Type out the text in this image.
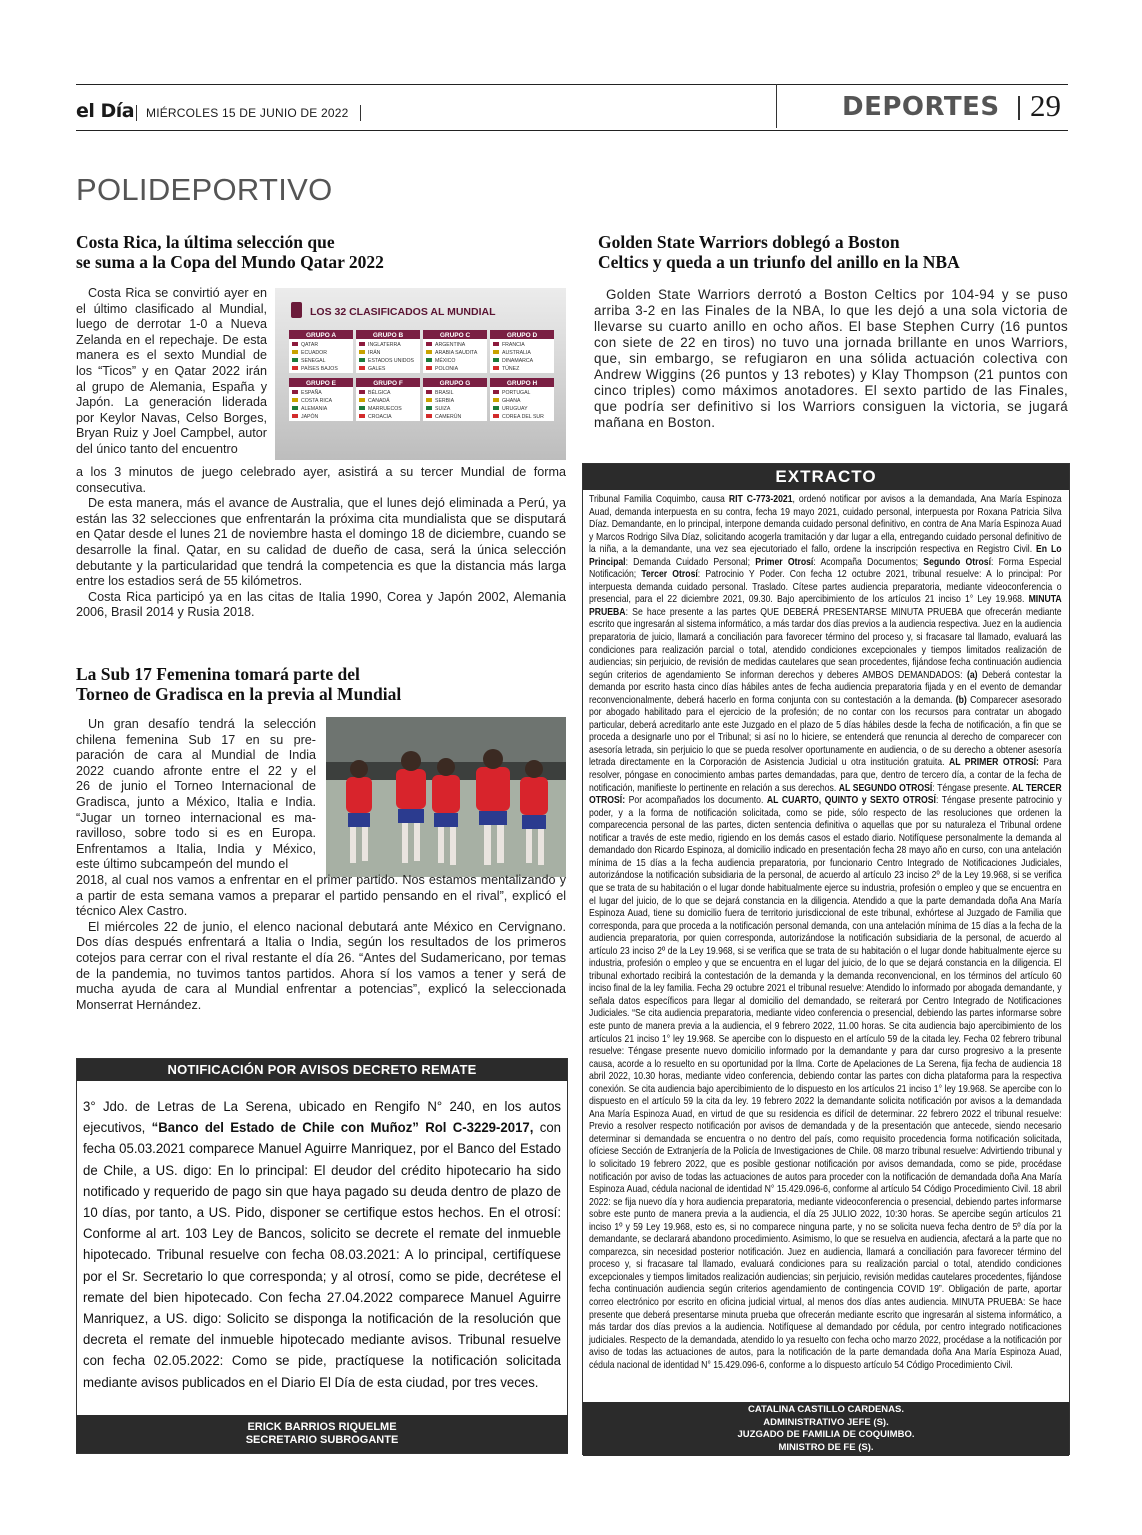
el Día MIÉRCOLES 15 DE JUNIO DE 2022	DEPORTES 29
POLIDEPORTIVO
Costa Rica, la última selección que
se suma a la Copa del Mundo Qatar 2022
Costa Rica se convirtió ayer en
el último clasificado al Mundial,
luego de derrotar 1-0 a Nueva
Zelanda en el repechaje. De esta
manera es el sexto Mundial de
los “Ticos” y en Qatar 2022 irán
al grupo de Alemania, España y
Japón. La generación liderada
por Keylor Navas, Celso Borges,
Bryan Ruiz y Joel Campbel, autor
del único tanto del encuentro
LOS 32 CLASIFICADOS AL MUNDIAL
GRUPO A
QATAR
ECUADOR
SENEGAL
PAÍSES BAJOS
GRUPO B
INGLATERRA
IRÁN
ESTADOS UNIDOS
GALES
GRUPO C
ARGENTINA
ARABIA SAUDITA
MÉXICO
POLONIA
GRUPO D
FRANCIA
AUSTRALIA
DINAMARCA
TÚNEZ
GRUPO E
ESPAÑA
COSTA RICA
ALEMANIA
JAPÓN
GRUPO F
BÉLGICA
CANADÁ
MARRUECOS
CROACIA
GRUPO G
BRASIL
SERBIA
SUIZA
CAMERÚN
GRUPO H
PORTUGAL
GHANA
URUGUAY
COREA DEL SUR

a los 3 minutos de juego celebrado ayer, asistirá a su tercer Mundial de forma consecutiva.

De esta manera, más el avance de Australia, que el lunes dejó eliminada a Perú, ya están las 32 selecciones que enfrentarán la próxima cita mundialista que se disputará en Qatar desde el lunes 21 de noviembre hasta el domingo 18 de diciembre, cuando se desarrolle la final. Qatar, en su calidad de dueño de casa, será la única selección debutante y la particularidad que tendrá la competencia es que la distancia más larga entre los estadios será de 55 kilómetros.

Costa Rica participó ya en las citas de Italia 1990, Corea y Japón 2002, Alemania 2006, Brasil 2014 y Rusia 2018.

La Sub 17 Femenina tomará parte del
Torneo de Gradisca en la previa al Mundial
Un gran desafío tendrá la selección
chilena femenina Sub 17 en su pre-
paración de cara al Mundial de India
2022 cuando afronte entre el 22 y el
26 de junio el Torneo Internacional de
Gradisca, junto a México, Italia e India.
“Jugar un torneo internacional es ma-
ravilloso, sobre todo si es en Europa.
Enfrentamos a Italia, India y México,
este último subcampeón del mundo el

2018, al cual nos vamos a enfrentar en el primer partido. Nos estamos mentalizando y a partir de esta semana vamos a preparar el partido pensando en el rival”, explicó el técnico Alex Castro.

El miércoles 22 de junio, el elenco nacional debutará ante México en Cervignano. Dos días después enfrentará a Italia o India, según los resultados de los primeros cotejos para cerrar con el rival restante el día 26. “Antes del Sudamericano, por temas de la pandemia, no tuvimos tantos partidos. Ahora sí los vamos a tener y será de mucha ayuda de cara al Mundial enfrentar a potencias”, explicó la seleccionada Monserrat Hernández.

Golden State Warriors doblegó a Boston
Celtics y queda a un triunfo del anillo en la NBA

Golden State Warriors derrotó a Boston Celtics por 104-94 y se puso arriba 3-2 en las Finales de la NBA, lo que les dejó a una sola victoria de llevarse su cuarto anillo en ocho años. El base Stephen Curry (16 puntos con siete de 22 en tiros) no tuvo una jornada brillante en unos Warriors, que, sin embargo, se refugiaron en una sólida actuación colectiva con Andrew Wiggins (26 puntos y 13 rebotes) y Klay Thompson (21 puntos con cinco triples) como máximos anotadores. El sexto partido de las Finales, que podría ser definitivo si los Warriors consiguen la victoria, se jugará mañana en Boston.

NOTIFICACIÓN POR AVISOS DECRETO REMATE
3° Jdo. de Letras de La Serena, ubicado en Rengifo N° 240, en los autos ejecutivos, “Banco del Estado de Chile con Muñoz” Rol C-3229-2017, con fecha 05.03.2021 comparece Manuel Aguirre Manriquez, por el Banco del Estado de Chile, a US. digo: En lo principal: El deudor del crédito hipotecario ha sido notificado y requerido de pago sin que haya pagado su deuda dentro de plazo de 10 días, por tanto, a US. Pido, disponer se certifique estos hechos. En el otrosí: Conforme al art. 103 Ley de Bancos, solicito se decrete el remate del inmueble hipotecado. Tribunal resuelve con fecha 08.03.2021: A lo principal, certifíquese por el Sr. Secretario lo que corresponda; y al otrosí, como se pide, decrétese el remate del bien hipotecado. Con fecha 27.04.2022 comparece Manuel Aguirre Manriquez, a US. digo: Solicito se disponga la notificación de la resolución que decreta el remate del inmueble hipotecado mediante avisos. Tribunal resuelve con fecha 02.05.2022: Como se pide, practíquese la notificación solicitada mediante avisos publicados en el Diario El Día de esta ciudad, por tres veces.
ERICK BARRIOS RIQUELME
SECRETARIO SUBROGANTE
EXTRACTO
Tribunal Familia Coquimbo, causa RIT C-773-2021, ordenó notificar por avisos a la demandada, Ana María Espinoza Auad, demanda interpuesta en su contra, fecha 19 mayo 2021, cuidado personal, interpuesta por Roxana Patricia Silva Díaz. Demandante, en lo principal, interpone demanda cuidado personal definitivo, en contra de Ana María Espinoza Auad y Marcos Rodrigo Silva Díaz, solicitando acogerla tramitación y dar lugar a ella, entregando cuidado personal definitivo de la niña, a la demandante, una vez sea ejecutoriado el fallo, ordene la inscripción respectiva en Registro Civil. En Lo Principal: Demanda Cuidado Personal; Primer Otrosí: Acompaña Documentos; Segundo Otrosí: Forma Especial Notificación; Tercer Otrosí: Patrocinio Y Poder. Con fecha 12 octubre 2021, tribunal resuelve: A lo principal: Por interpuesta demanda cuidado personal. Traslado. Cítese partes audiencia preparatoria, mediante videoconferencia o presencial, para el 22 diciembre 2021, 09.30. Bajo apercibimiento de los artículos 21 inciso 1° Ley 19.968. MINUTA PRUEBA: Se hace presente a las partes QUE DEBERÁ PRESENTARSE MINUTA PRUEBA que ofrecerán mediante escrito que ingresarán al sistema informático, a más tardar dos días previos a la audiencia respectiva. Juez en la audiencia preparatoria de juicio, llamará a conciliación para favorecer término del proceso y, si fracasare tal llamado, evaluará las condiciones para realización parcial o total, atendido condiciones excepcionales y tiempos limitados realización de audiencias; sin perjuicio, de revisión de medidas cautelares que sean procedentes, fijándose fecha continuación audiencia según criterios de agendamiento Se informan derechos y deberes AMBOS DEMANDADOS: (a) Deberá contestar la demanda por escrito hasta cinco días hábiles antes de fecha audiencia preparatoria fijada y en el evento de demandar reconvencionalmente, deberá hacerlo en forma conjunta con su contestación a la demanda. (b) Comparecer asesorado por abogado habilitado para el ejercicio de la profesión; de no contar con los recursos para contratar un abogado particular, deberá acreditarlo ante este Juzgado en el plazo de 5 días hábiles desde la fecha de notificación, a fin que se proceda a designarle uno por el Tribunal; si así no lo hiciere, se entenderá que renuncia al derecho de comparecer con asesoría letrada, sin perjuicio lo que se pueda resolver oportunamente en audiencia, o de su derecho a obtener asesoría letrada directamente en la Corporación de Asistencia Judicial u otra institución gratuita. AL PRIMER OTROSÍ: Para resolver, póngase en conocimiento ambas partes demandadas, para que, dentro de tercero día, a contar de la fecha de notificación, manifieste lo pertinente en relación a sus derechos. AL SEGUNDO OTROSÍ: Téngase presente. AL TERCER OTROSÍ: Por acompañados los documento. AL CUARTO, QUINTO y SEXTO OTROSÍ: Téngase presente patrocinio y poder, y a la forma de notificación solicitada, como se pide, sólo respecto de las resoluciones que ordenen la comparecencia personal de las partes, dicten sentencia definitiva o aquellas que por su naturaleza el Tribunal ordene notificar a través de este medio, rigiendo en los demás casos el estado diario. Notifíquese personalmente la demanda al demandado don Ricardo Espinoza, al domicilio indicado en presentación fecha 28 mayo año en curso, con una antelación mínima de 15 días a la fecha audiencia preparatoria, por funcionario Centro Integrado de Notificaciones Judiciales, autorizándose la notificación subsidiaria de la personal, de acuerdo al artículo 23 inciso 2º de la Ley 19.968, si se verifica que se trata de su habitación o el lugar donde habitualmente ejerce su industria, profesión o empleo y que se encuentra en el lugar del juicio, de lo que se dejará constancia en la diligencia. Atendido a que la parte demandada doña Ana María Espinoza Auad, tiene su domicilio fuera de territorio jurisdiccional de este tribunal, exhórtese al Juzgado de Familia que corresponda, para que proceda a la notificación personal demanda, con una antelación mínima de 15 días a la fecha de la audiencia preparatoria, por quien corresponda, autorizándose la notificación subsidiaria de la personal, de acuerdo al artículo 23 inciso 2º de la Ley 19.968, si se verifica que se trata de su habitación o el lugar donde habitualmente ejerce su industria, profesión o empleo y que se encuentra en el lugar del juicio, de lo que se dejará constancia en la diligencia. El tribunal exhortado recibirá la contestación de la demanda y la demanda reconvencional, en los términos del artículo 60 inciso final de la ley familia. Fecha 29 octubre 2021 el tribunal resuelve: Atendido lo informado por abogada demandante, y señala datos específicos para llegar al domicilio del demandado, se reiterará por Centro Integrado de Notificaciones Judiciales. “Se cita audiencia preparatoria, mediante video conferencia o presencial, debiendo las partes informarse sobre este punto de manera previa a la audiencia, el 9 febrero 2022, 11.00 horas. Se cita audiencia bajo apercibimiento de los artículos 21 inciso 1° ley 19.968. Se apercibe con lo dispuesto en el artículo 59 de la citada ley. Fecha 02 febrero tribunal resuelve: Téngase presente nuevo domicilio informado por la demandante y para dar curso progresivo a la presente causa, acorde a lo resuelto en su oportunidad por la Ilma. Corte de Apelaciones de La Serena, fija fecha de audiencia 18 abril 2022, 10.30 horas, mediante video conferencia, debiendo contar las partes con dicha plataforma para la respectiva conexión. Se cita audiencia bajo apercibimiento de lo dispuesto en los artículos 21 inciso 1° ley 19.968. Se apercibe con lo dispuesto en el artículo 59 la cita da ley. 19 febrero 2022 la demandante solicita notificación por avisos a la demandada Ana María Espinoza Auad, en virtud de que su residencia es difícil de determinar. 22 febrero 2022 el tribunal resuelve: Previo a resolver respecto notificación por avisos de demandada y de la presentación que antecede, siendo necesario determinar si demandada se encuentra o no dentro del país, como requisito procedencia forma notificación solicitada, ofíciese Sección de Extranjería de la Policía de Investigaciones de Chile. 08 marzo tribunal resuelve: Advirtiendo tribunal y lo solicitado 19 febrero 2022, que es posible gestionar notificación por avisos demandada, como se pide, procédase notificación por aviso de todas las actuaciones de autos para proceder con la notificación de demandada doña Ana María Espinoza Auad, cédula nacional de identidad N° 15.429.096-6, conforme al artículo 54 Código Procedimiento Civil. 18 abril 2022: se fija nuevo día y hora audiencia preparatoria, mediante videoconferencia o presencial, debiendo partes informarse sobre este punto de manera previa a la audiencia, el día 25 JULIO 2022, 10:30 horas. Se apercibe según artículos 21 inciso 1º y 59 Ley 19.968, esto es, si no comparece ninguna parte, y no se solicita nueva fecha dentro de 5º día por la demandante, se declarará abandono procedimiento. Asimismo, lo que se resuelva en audiencia, afectará a la parte que no comparezca, sin necesidad posterior notificación. Juez en audiencia, llamará a conciliación para favorecer término del proceso y, si fracasare tal llamado, evaluará condiciones para su realización parcial o total, atendido condiciones excepcionales y tiempos limitados realización audiencias; sin perjuicio, revisión medidas cautelares procedentes, fijándose fecha continuación audiencia según criterios agendamiento de contingencia COVID 19”. Obligación de parte, aportar correo electrónico por escrito en oficina judicial virtual, al menos dos días antes audiencia. MINUTA PRUEBA: Se hace presente que deberá presentarse minuta prueba que ofrecerán mediante escrito que ingresarán al sistema informático, a más tardar dos días previos a la audiencia. Notifíquese al demandado por cédula, por centro integrado notificaciones judiciales. Respecto de la demandada, atendido lo ya resuelto con fecha ocho marzo 2022, procédase a la notificación por aviso de todas las actuaciones de autos, para la notificación de la parte demandada doña Ana María Espinoza Auad, cédula nacional de identidad N° 15.429.096-6, conforme a lo dispuesto artículo 54 Código Procedimiento Civil.
CATALINA CASTILLO CARDENAS.
ADMINISTRATIVO JEFE (S).
JUZGADO DE FAMILIA DE COQUIMBO.
MINISTRO DE FE (S).
